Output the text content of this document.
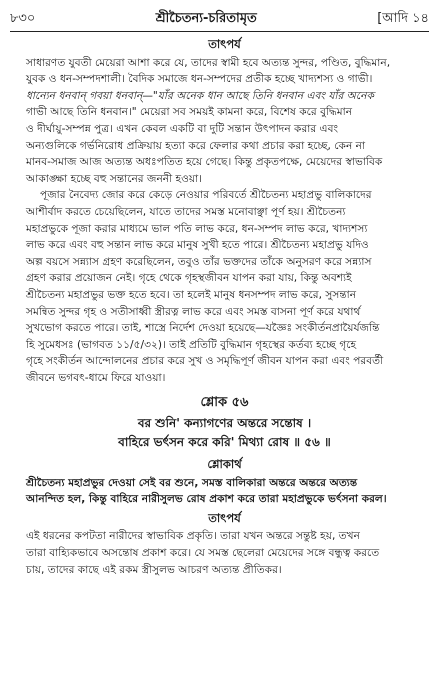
৮৩০	শ্রীচৈতন্য-চরিতামৃত	[আদি ১৪
তাৎপর্য
সাধারণত যুবতী মেয়েরা আশা করে যে, তাদের স্বামী হবে অত্যন্ত সুন্দর, পণ্ডিত, বুদ্ধিমান,
যুবক ও ধন-সম্পদশালী। বৈদিক সমাজে ধন-সম্পদের প্রতীক হচ্ছে খাদ্যশস্য ও গাভী।
ধান্যেন ধনবান্ গবয়া ধনবান্—"যাঁর অনেক ধান আছে তিনি ধনবান এবং যাঁর অনেক
গাভী আছে তিনি ধনবান।" মেয়েরা সব সময়ই কামনা করে, বিশেষ করে বুদ্ধিমান
ও দীর্ঘায়ু-সম্পন্ন পুত্র। এখন কেবল একটি বা দুটি সন্তান উৎপাদন করার এবং
অন্যগুলিকে গর্ভনিরোধ প্রক্রিয়ায় হত্যা করে ফেলার কথা প্রচার করা হচ্ছে, কেন না
মানব-সমাজ আজ অত্যন্ত অধঃপতিত হয়ে গেছে। কিন্তু প্রকৃতপক্ষে, মেয়েদের স্বাভাবিক
আকাঙ্ক্ষা হচ্ছে বহু সন্তানের জননী হওয়া।
পূজার নৈবেদ্য জোর করে কেড়ে নেওয়ার পরিবর্তে শ্রীচৈতন্য মহাপ্রভু বালিকাদের
আশীর্বাদ করতে চেয়েছিলেন, যাতে তাদের সমস্ত মনোবাঞ্ছা পূর্ণ হয়। শ্রীচৈতন্য
মহাপ্রভুকে পূজা করার মাধ্যমে ভাল পতি লাভ করে, ধন-সম্পদ লাভ করে, খাদ্যশস্য
লাভ করে এবং বহু সন্তান লাভ করে মানুষ সুখী হতে পারে। শ্রীচৈতন্য মহাপ্রভু যদিও
অল্প বয়সে সন্ন্যাস গ্রহণ করেছিলেন, তবুও তাঁর ভক্তদের তাঁকে অনুসরণ করে সন্ন্যাস
গ্রহণ করার প্রয়োজন নেই। গৃহে থেকে গৃহস্থজীবন যাপন করা যায়, কিন্তু অবশ্যই
শ্রীচৈতন্য মহাপ্রভুর ভক্ত হতে হবে। তা হলেই মানুষ ধনসম্পদ লাভ করে, সুসন্তান
সমন্বিত সুন্দর গৃহ ও সতীসাধ্বী স্ত্রীরত্ন লাভ করে এবং সমস্ত বাসনা পূর্ণ করে যথার্থ
সুখভোগ করতে পারে। তাই, শাস্ত্রে নির্দেশ দেওয়া হয়েছে—যজ্ঞৈঃ সংকীর্তনপ্রায়ৈর্যজন্তি
হি সুমেধসঃ (ভাগবত ১১/৫/৩২)। তাই প্রতিটি বুদ্ধিমান গৃহস্থের কর্তব্য হচ্ছে গৃহে
গৃহে সংকীর্তন আন্দোলনের প্রচার করে সুখ ও সমৃদ্ধিপূর্ণ জীবন যাপন করা এবং পরবর্তী
জীবনে ভগবৎ-ধামে ফিরে যাওয়া।
শ্লোক ৫৬
বর শুনি' কন্যাগণের অন্তরে সন্তোষ ।
বাহিরে ভর্ৎসন করে করি' মিথ্যা রোষ ॥ ৫৬ ॥
শ্লোকার্থ
শ্রীচৈতন্য মহাপ্রভুর দেওয়া সেই বর শুনে, সমস্ত বালিকারা অন্তরে অন্তরে অত্যন্ত
আনন্দিত হল, কিন্তু বাহিরে নারীসুলভ রোষ প্রকাশ করে তারা মহাপ্রভুকে ভর্ৎসনা করল।
তাৎপর্য
এই ধরনের কপটতা নারীদের স্বাভাবিক প্রকৃতি। তারা যখন অন্তরে সন্তুষ্ট হয়, তখন
তারা বাহ্যিকভাবে অসন্তোষ প্রকাশ করে। যে সমস্ত ছেলেরা মেয়েদের সঙ্গে বন্ধুত্ব করতে
চায়, তাদের কাছে এই রকম স্ত্রীসুলভ আচরণ অত্যন্ত প্রীতিকর।
